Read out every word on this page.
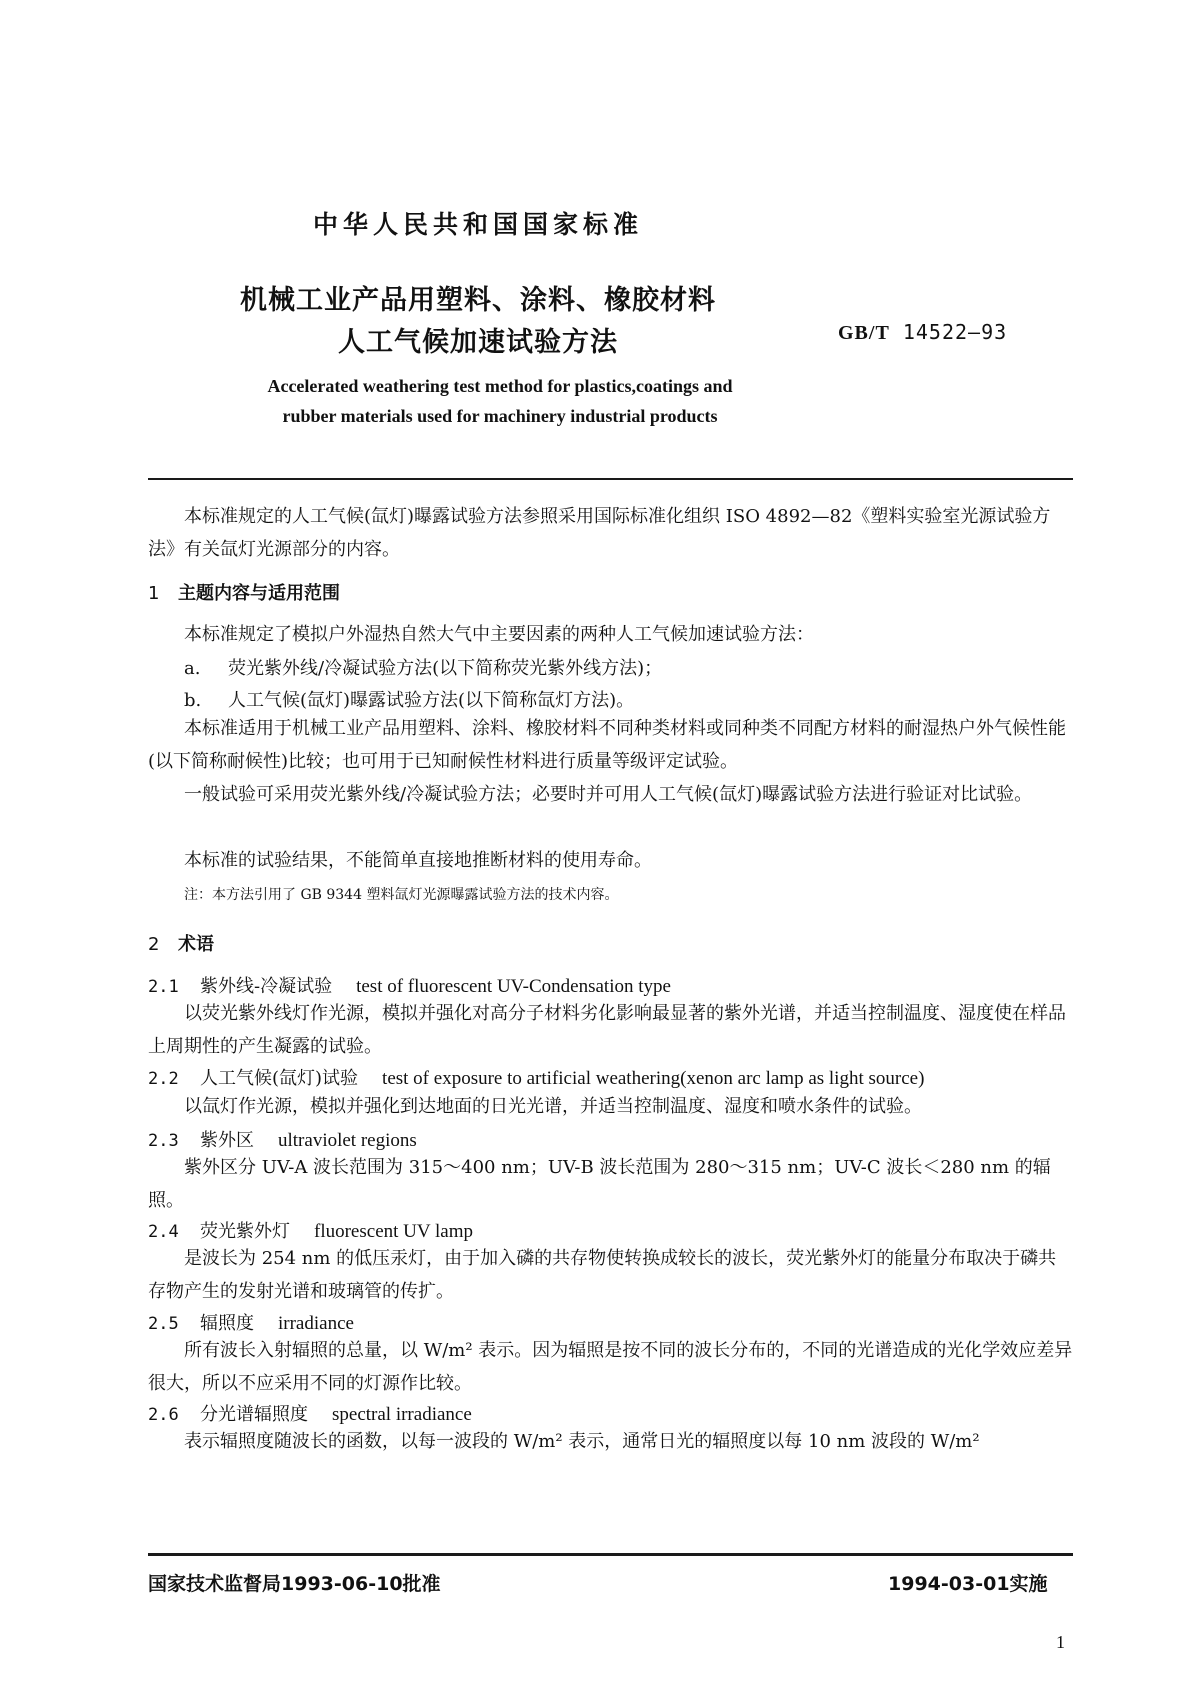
中华人民共和国国家标准
机械工业产品用塑料、涂料、橡胶材料
人工气候加速试验方法	GB/T 14522—93
Accelerated weathering test method for plastics,coatings and
rubber materials used for machinery industrial products
本标准规定的人工气候(氙灯)曝露试验方法参照采用国际标准化组织 ISO 4892—82《塑料实验室光源试验方法》有关氙灯光源部分的内容。
1 主题内容与适用范围
本标准规定了模拟户外湿热自然大气中主要因素的两种人工气候加速试验方法：
a. 荧光紫外线/冷凝试验方法(以下简称荧光紫外线方法)；
b. 人工气候(氙灯)曝露试验方法(以下简称氙灯方法)。
本标准适用于机械工业产品用塑料、涂料、橡胶材料不同种类材料或同种类不同配方材料的耐湿热户外气候性能(以下简称耐候性)比较；也可用于已知耐候性材料进行质量等级评定试验。
一般试验可采用荧光紫外线/冷凝试验方法；必要时并可用人工气候(氙灯)曝露试验方法进行验证对比试验。
本标准的试验结果，不能简单直接地推断材料的使用寿命。
注：本方法引用了 GB 9344 塑料氙灯光源曝露试验方法的技术内容。
2 术语
2.1 紫外线-冷凝试验 test of fluorescent UV-Condensation type
以荧光紫外线灯作光源，模拟并强化对高分子材料劣化影响最显著的紫外光谱，并适当控制温度、湿度使在样品上周期性的产生凝露的试验。
2.2 人工气候(氙灯)试验 test of exposure to artificial weathering(xenon arc lamp as light source)
以氙灯作光源，模拟并强化到达地面的日光光谱，并适当控制温度、湿度和喷水条件的试验。
2.3 紫外区 ultraviolet regions
紫外区分 UV-A 波长范围为 315～400 nm；UV-B 波长范围为 280～315 nm；UV-C 波长＜280 nm 的辐照。
2.4 荧光紫外灯 fluorescent UV lamp
是波长为 254 nm 的低压汞灯，由于加入磷的共存物使转换成较长的波长，荧光紫外灯的能量分布取决于磷共存物产生的发射光谱和玻璃管的传扩。
2.5 辐照度 irradiance
所有波长入射辐照的总量，以 W/m² 表示。因为辐照是按不同的波长分布的，不同的光谱造成的光化学效应差异很大，所以不应采用不同的灯源作比较。
2.6 分光谱辐照度 spectral irradiance
表示辐照度随波长的函数，以每一波段的 W/m² 表示，通常日光的辐照度以每 10 nm 波段的 W/m²
国家技术监督局1993-06-10批准	1994-03-01实施
1
